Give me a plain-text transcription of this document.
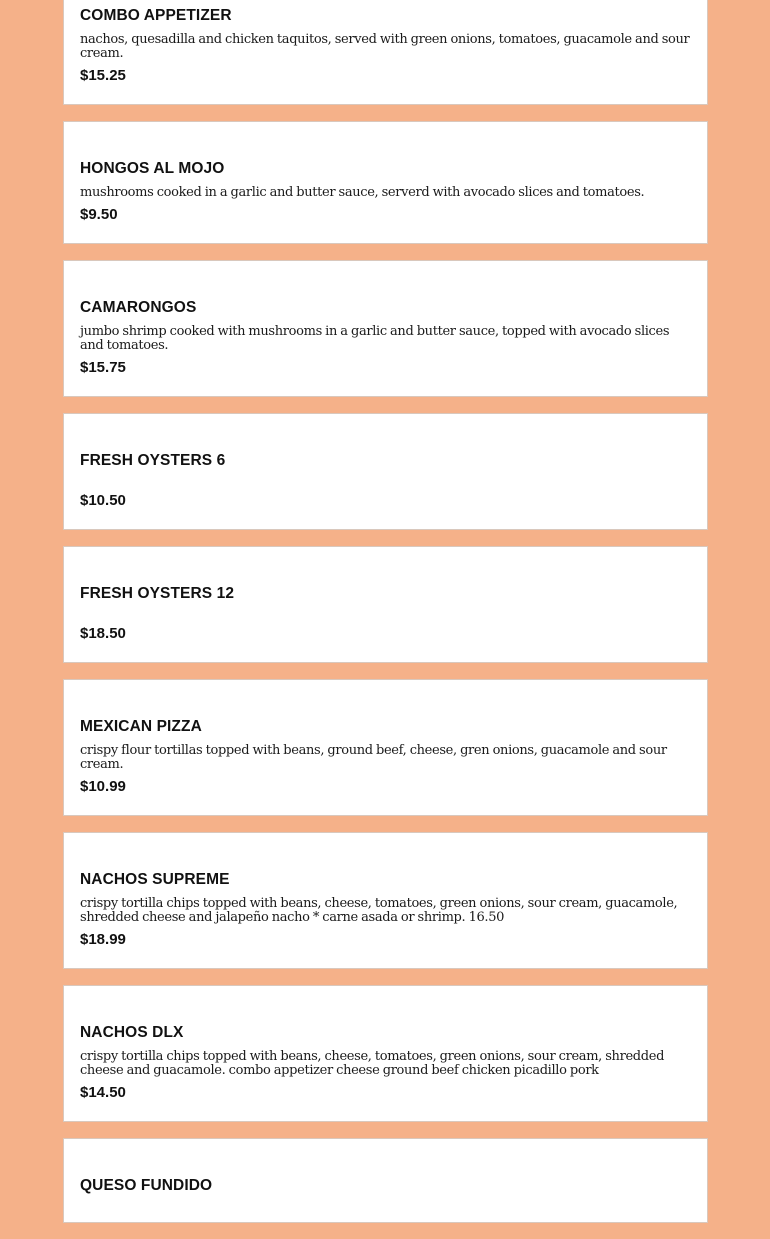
COMBO APPETIZER

nachos, quesadilla and chicken taquitos, served with green onions, tomatoes, guacamole and sour cream.

$15.25

HONGOS AL MOJO

mushrooms cooked in a garlic and butter sauce, serverd with avocado slices and tomatoes.

$9.50

CAMARONGOS

jumbo shrimp cooked with mushrooms in a garlic and butter sauce, topped with avocado slices and tomatoes.

$15.75

FRESH OYSTERS 6

$10.50

FRESH OYSTERS 12

$18.50

MEXICAN PIZZA

crispy flour tortillas topped with beans, ground beef, cheese, gren onions, guacamole and sour cream.

$10.99

NACHOS SUPREME

crispy tortilla chips topped with beans, cheese, tomatoes, green onions, sour cream, guacamole, shredded cheese and jalapeño nacho * carne asada or shrimp. 16.50

$18.99

NACHOS DLX

crispy tortilla chips topped with beans, cheese, tomatoes, green onions, sour cream, shredded cheese and guacamole. combo appetizer cheese ground beef chicken picadillo pork

$14.50

QUESO FUNDIDO
